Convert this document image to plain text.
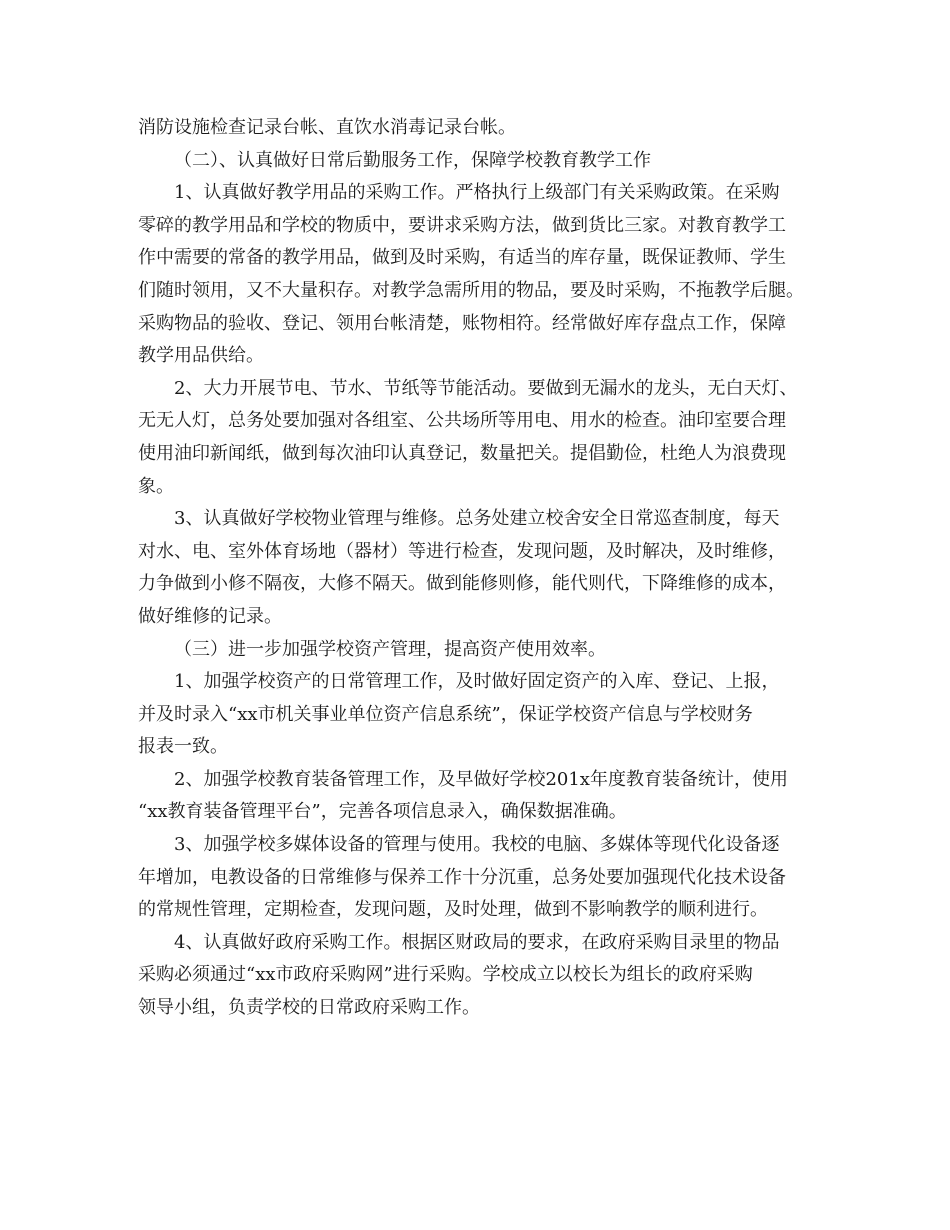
消防设施检查记录台帐、直饮水消毒记录台帐。
（二）、认真做好日常后勤服务工作，保障学校教育教学工作
1、认真做好教学用品的采购工作。严格执行上级部门有关采购政策。在采购
零碎的教学用品和学校的物质中，要讲求采购方法，做到货比三家。对教育教学工
作中需要的常备的教学用品，做到及时采购，有适当的库存量，既保证教师、学生
们随时领用，又不大量积存。对教学急需所用的物品，要及时采购，不拖教学后腿。
采购物品的验收、登记、领用台帐清楚，账物相符。经常做好库存盘点工作，保障
教学用品供给。
2、大力开展节电、节水、节纸等节能活动。要做到无漏水的龙头，无白天灯、
无无人灯，总务处要加强对各组室、公共场所等用电、用水的检查。油印室要合理
使用油印新闻纸，做到每次油印认真登记，数量把关。提倡勤俭，杜绝人为浪费现
象。
3、认真做好学校物业管理与维修。总务处建立校舍安全日常巡查制度，每天
对水、电、室外体育场地（器材）等进行检查，发现问题，及时解决，及时维修，
力争做到小修不隔夜，大修不隔天。做到能修则修，能代则代，下降维修的成本，
做好维修的记录。
（三）进一步加强学校资产管理，提高资产使用效率。
1、加强学校资产的日常管理工作，及时做好固定资产的入库、登记、上报，
并及时录入“xx市机关事业单位资产信息系统”，保证学校资产信息与学校财务
报表一致。
2、加强学校教育装备管理工作，及早做好学校201x年度教育装备统计，使用
“xx教育装备管理平台”，完善各项信息录入，确保数据准确。
3、加强学校多媒体设备的管理与使用。我校的电脑、多媒体等现代化设备逐
年增加，电教设备的日常维修与保养工作十分沉重，总务处要加强现代化技术设备
的常规性管理，定期检查，发现问题，及时处理，做到不影响教学的顺利进行。
4、认真做好政府采购工作。根据区财政局的要求，在政府采购目录里的物品
采购必须通过“xx市政府采购网”进行采购。学校成立以校长为组长的政府采购
领导小组，负责学校的日常政府采购工作。
